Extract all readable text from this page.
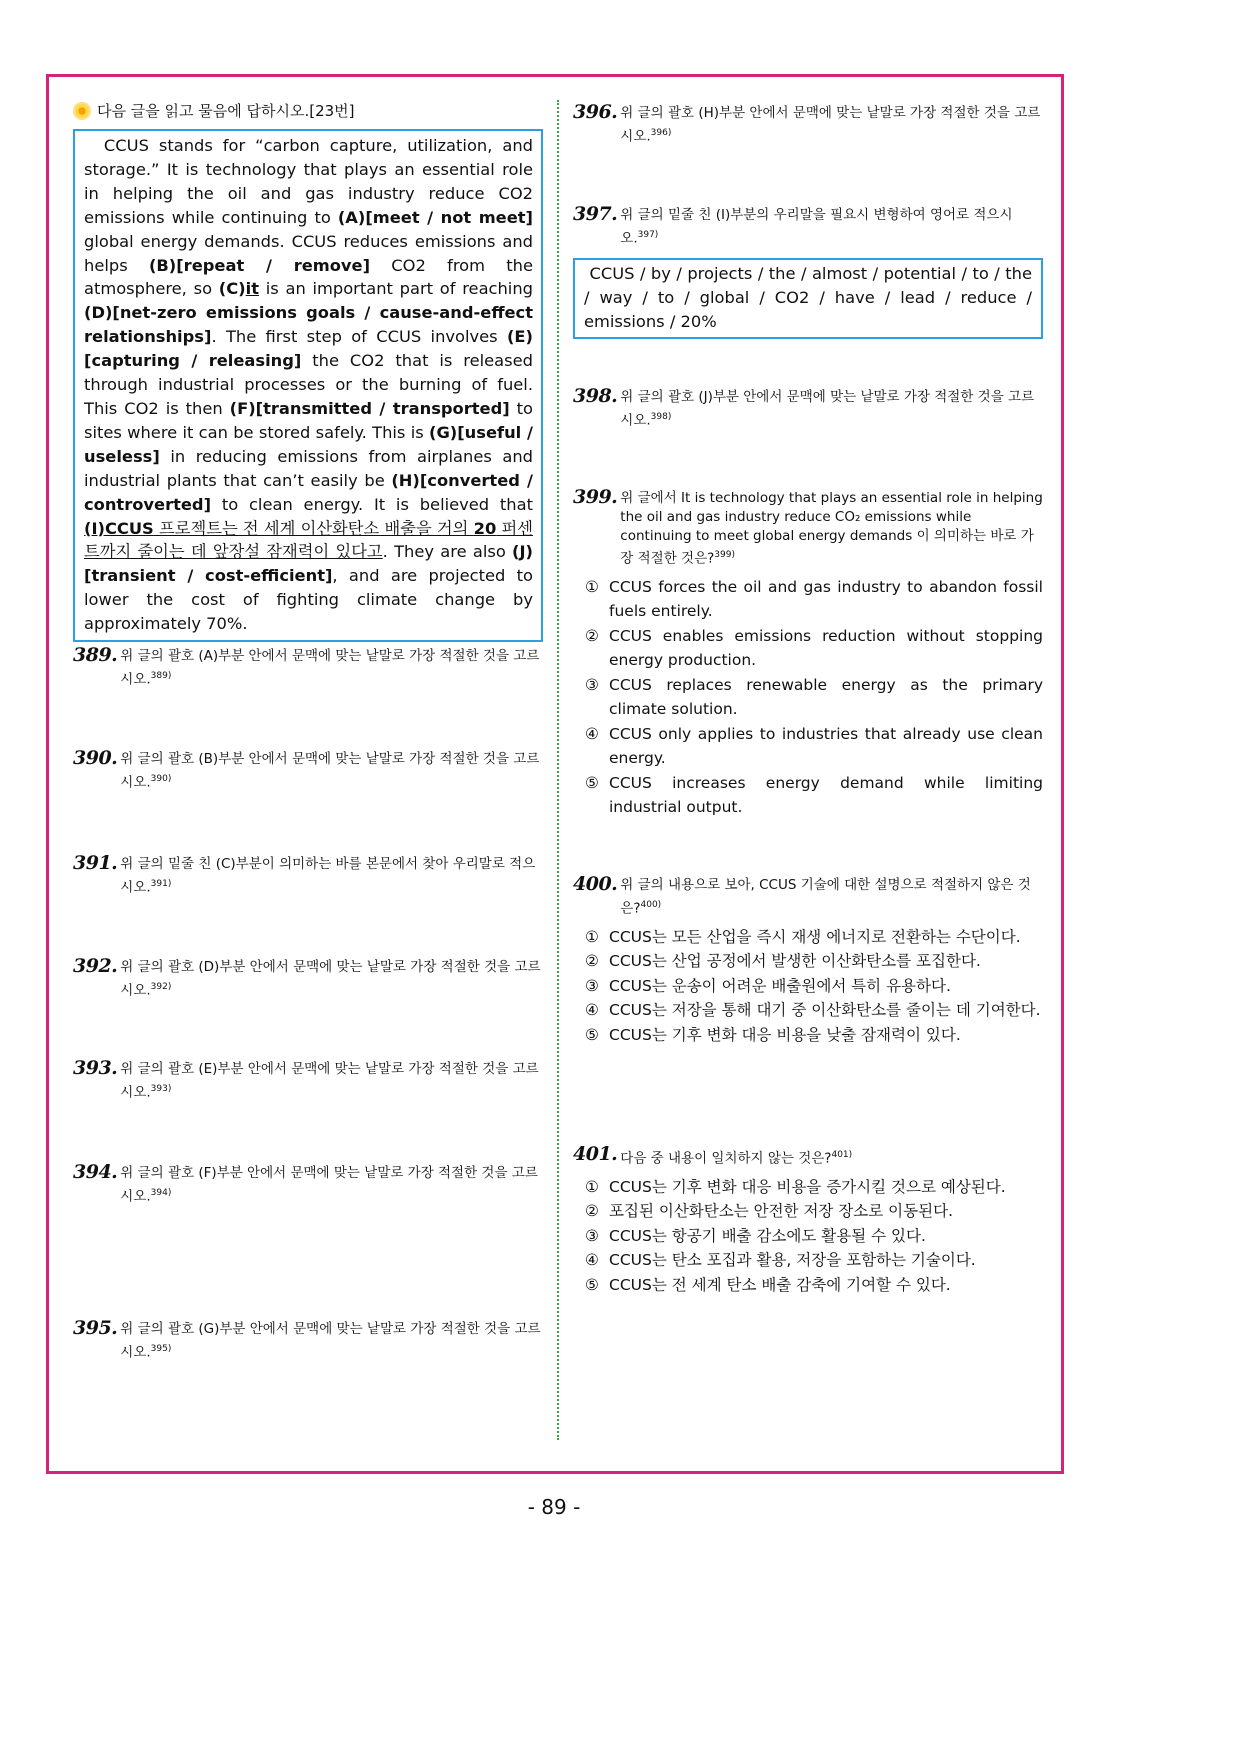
다음 글을 읽고 물음에 답하시오.[23번]
CCUS stands for “carbon capture, utilization, and storage.” It is technology that plays an essential role in helping the oil and gas industry reduce CO2 emissions while continuing to (A)[meet / not meet] global energy demands. CCUS reduces emissions and helps (B)[repeat / remove] CO2 from the atmosphere, so (C)it is an important part of reaching (D)[net-zero emissions goals / cause-and-effect relationships]. The first step of CCUS involves (E)[capturing / releasing] the CO2 that is released through industrial processes or the burning of fuel. This CO2 is then (F)[transmitted / transported] to sites where it can be stored safely. This is (G)[useful / useless] in reducing emissions from airplanes and industrial plants that can’t easily be (H)[converted / controverted] to clean energy. It is believed that (I)CCUS 프로젝트는 전 세계 이산화탄소 배출을 거의 20 퍼센트까지 줄이는 데 앞장설 잠재력이 있다고. They are also (J)[transient / cost-efficient], and are projected to lower the cost of fighting climate change by approximately 70%.
389. 위 글의 괄호 (A)부분 안에서 문맥에 맞는 낱말로 가장 적절한 것을 고르시오.$^{389)}$
390. 위 글의 괄호 (B)부분 안에서 문맥에 맞는 낱말로 가장 적절한 것을 고르시오.$^{390)}$
391. 위 글의 밑줄 친 (C)부분이 의미하는 바를 본문에서 찾아 우리말로 적으시오.$^{391)}$
392. 위 글의 괄호 (D)부분 안에서 문맥에 맞는 낱말로 가장 적절한 것을 고르시오.$^{392)}$
393. 위 글의 괄호 (E)부분 안에서 문맥에 맞는 낱말로 가장 적절한 것을 고르시오.$^{393)}$
394. 위 글의 괄호 (F)부분 안에서 문맥에 맞는 낱말로 가장 적절한 것을 고르시오.$^{394)}$
395. 위 글의 괄호 (G)부분 안에서 문맥에 맞는 낱말로 가장 적절한 것을 고르시오.$^{395)}$
396. 위 글의 괄호 (H)부분 안에서 문맥에 맞는 낱말로 가장 적절한 것을 고르시오.$^{396)}$
397. 위 글의 밑줄 친 (I)부분의 우리말을 필요시 변형하여 영어로 적으시오.$^{397)}$
CCUS / by / projects / the / almost / potential / to / the / way / to / global / CO2 / have / lead / reduce / emissions / 20%
398. 위 글의 괄호 (J)부분 안에서 문맥에 맞는 낱말로 가장 적절한 것을 고르시오.$^{398)}$
399. 위 글에서 It is technology that plays an essential role in helping the oil and gas industry reduce CO₂ emissions while continuing to meet global energy demands 이 의미하는 바로 가장 적절한 것은?$^{399)}$
① CCUS forces the oil and gas industry to abandon fossil fuels entirely.
② CCUS enables emissions reduction without stopping energy production.
③ CCUS replaces renewable energy as the primary climate solution.
④ CCUS only applies to industries that already use clean energy.
⑤ CCUS increases energy demand while limiting industrial output.
400. 위 글의 내용으로 보아, CCUS 기술에 대한 설명으로 적절하지 않은 것은?$^{400)}$
① CCUS는 모든 산업을 즉시 재생 에너지로 전환하는 수단이다.
② CCUS는 산업 공정에서 발생한 이산화탄소를 포집한다.
③ CCUS는 운송이 어려운 배출원에서 특히 유용하다.
④ CCUS는 저장을 통해 대기 중 이산화탄소를 줄이는 데 기여한다.
⑤ CCUS는 기후 변화 대응 비용을 낮출 잠재력이 있다.
401. 다음 중 내용이 일치하지 않는 것은?$^{401)}$
① CCUS는 기후 변화 대응 비용을 증가시킬 것으로 예상된다.
② 포집된 이산화탄소는 안전한 저장 장소로 이동된다.
③ CCUS는 항공기 배출 감소에도 활용될 수 있다.
④ CCUS는 탄소 포집과 활용, 저장을 포함하는 기술이다.
⑤ CCUS는 전 세계 탄소 배출 감축에 기여할 수 있다.
- 89 -
